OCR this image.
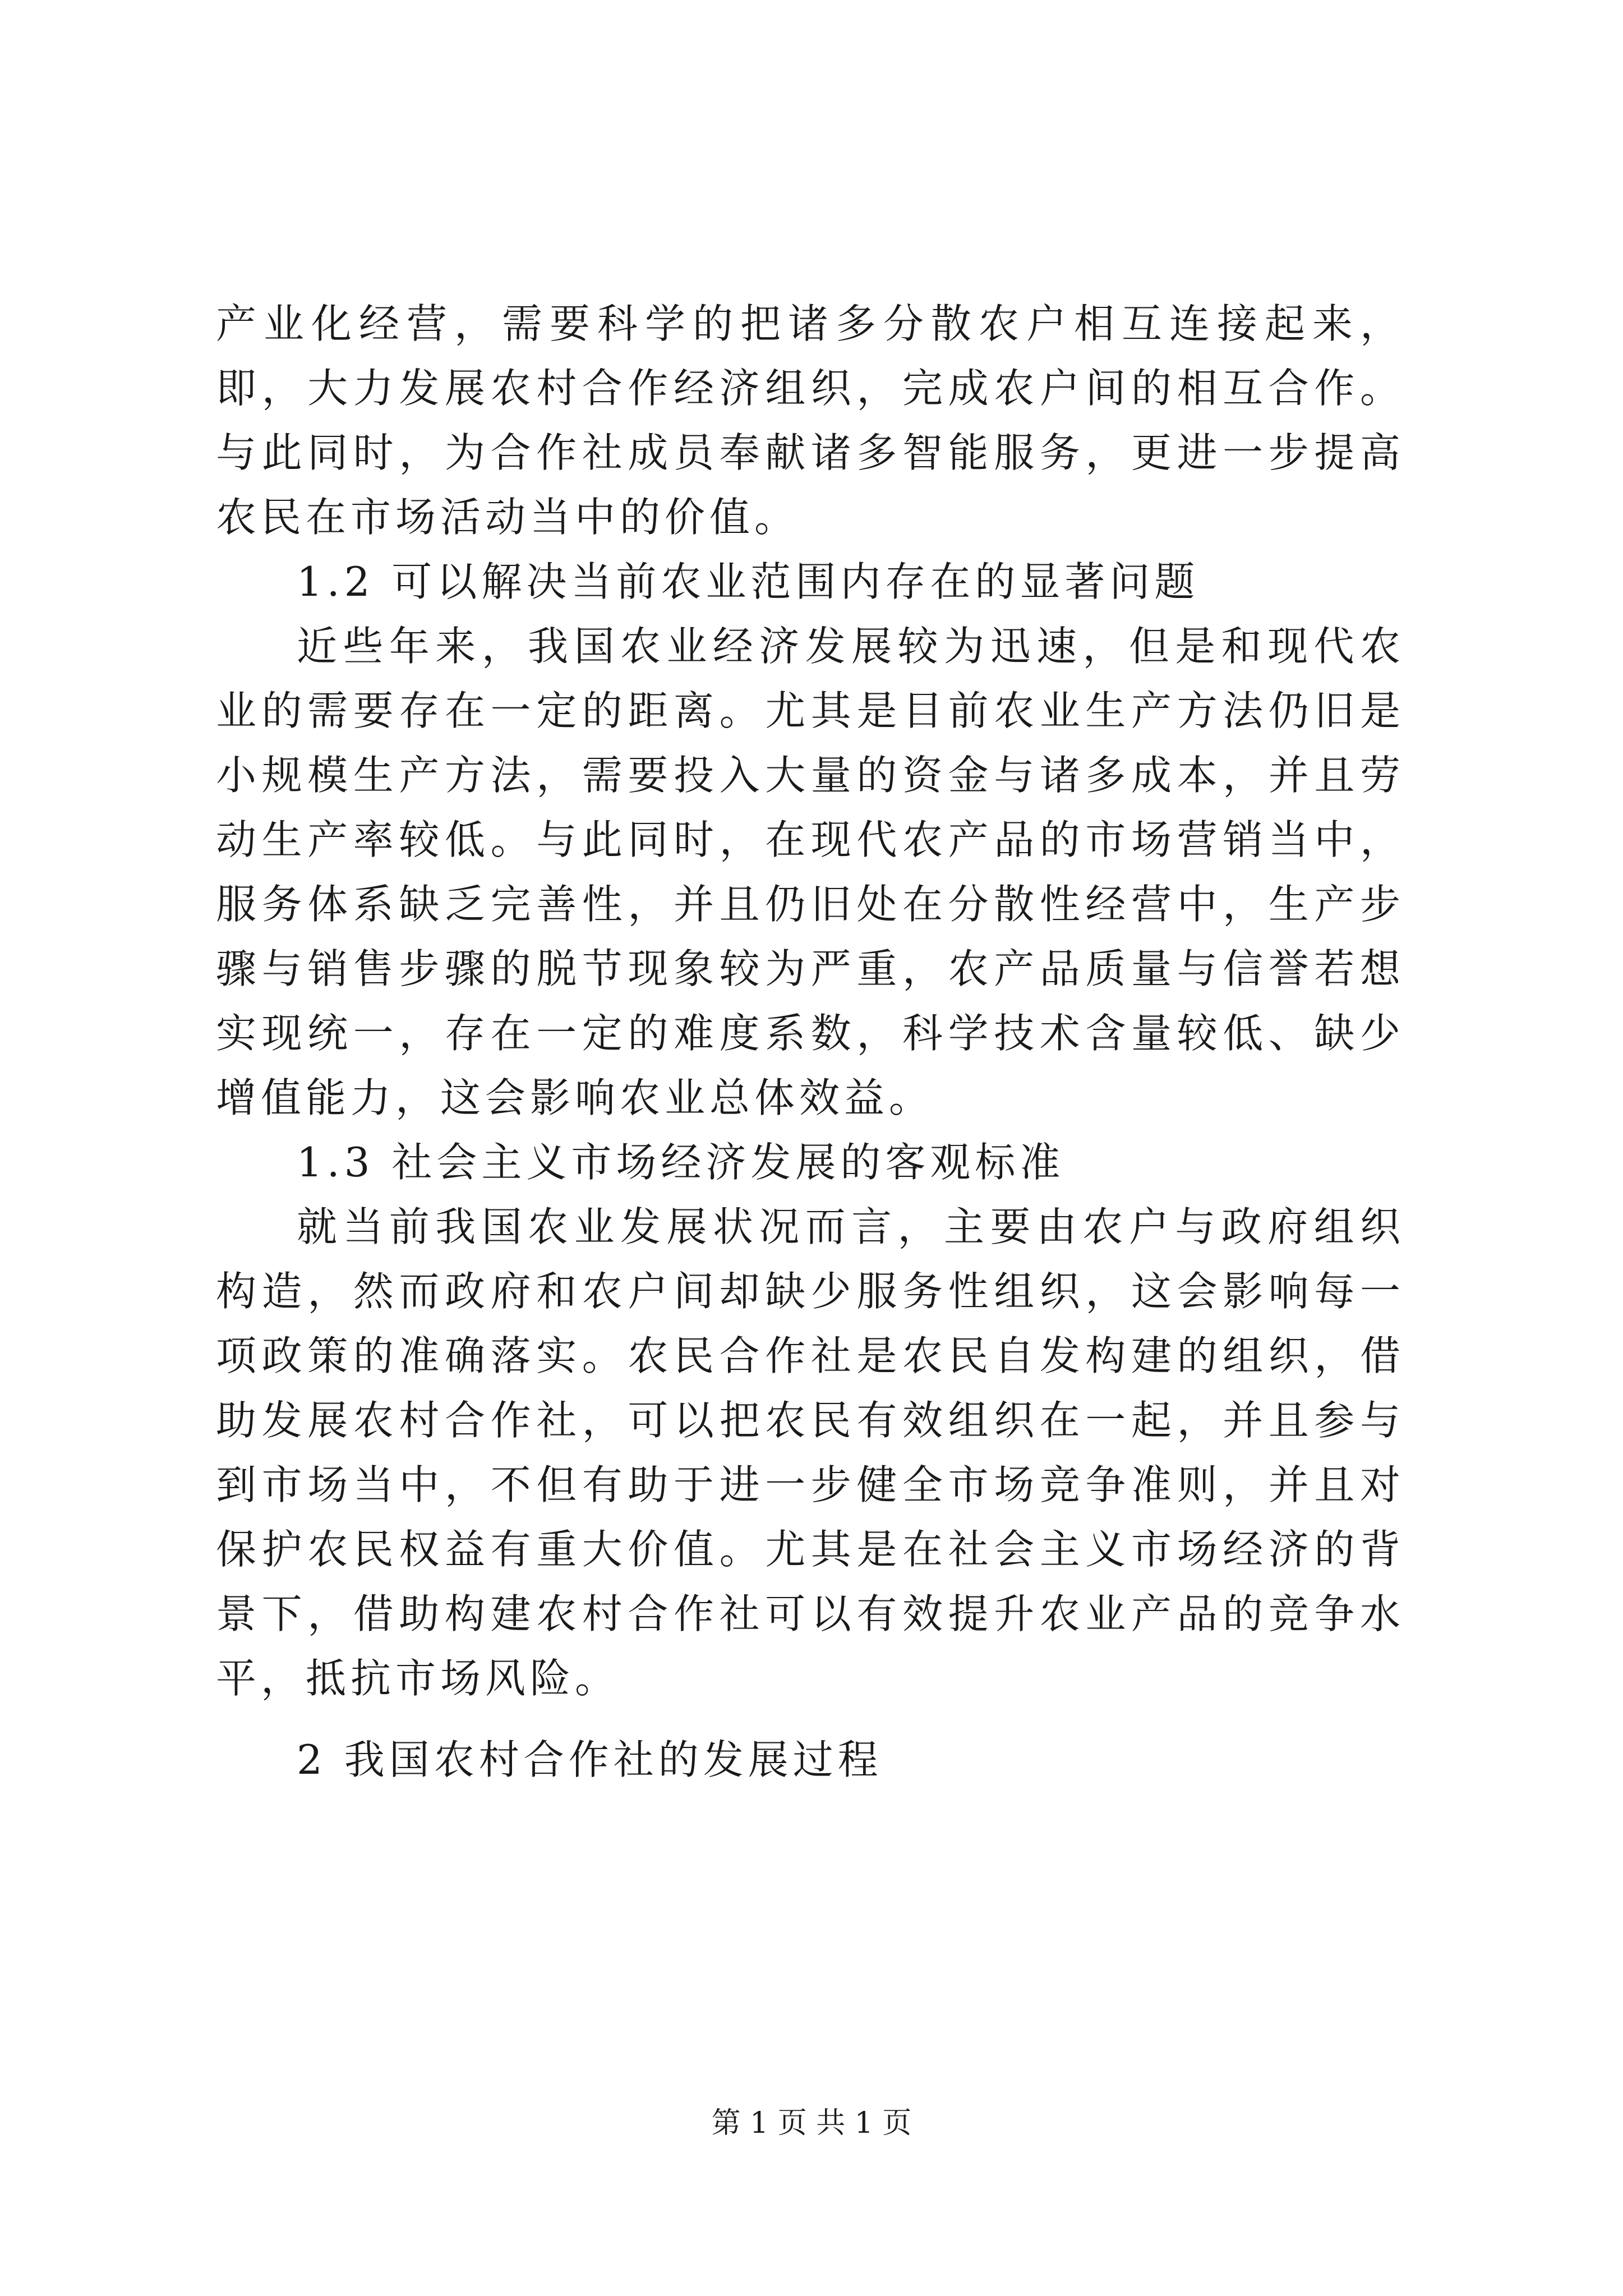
产业化经营，需要科学的把诸多分散农户相互连接起来，即，大力发展农村合作经济组织，完成农户间的相互合作。与此同时，为合作社成员奉献诸多智能服务，更进一步提高农民在市场活动当中的价值。

1.2 可以解决当前农业范围内存在的显著问题

近些年来，我国农业经济发展较为迅速，但是和现代农业的需要存在一定的距离。尤其是目前农业生产方法仍旧是小规模生产方法，需要投入大量的资金与诸多成本，并且劳动生产率较低。与此同时，在现代农产品的市场营销当中，服务体系缺乏完善性，并且仍旧处在分散性经营中，生产步骤与销售步骤的脱节现象较为严重，农产品质量与信誉若想实现统一，存在一定的难度系数，科学技术含量较低、缺少增值能力，这会影响农业总体效益。

1.3 社会主义市场经济发展的客观标准

就当前我国农业发展状况而言，主要由农户与政府组织构造，然而政府和农户间却缺少服务性组织，这会影响每一项政策的准确落实。农民合作社是农民自发构建的组织，借助发展农村合作社，可以把农民有效组织在一起，并且参与到市场当中，不但有助于进一步健全市场竞争准则，并且对保护农民权益有重大价值。尤其是在社会主义市场经济的背景下，借助构建农村合作社可以有效提升农业产品的竞争水平，抵抗市场风险。

2 我国农村合作社的发展过程

第 1 页 共 1 页
